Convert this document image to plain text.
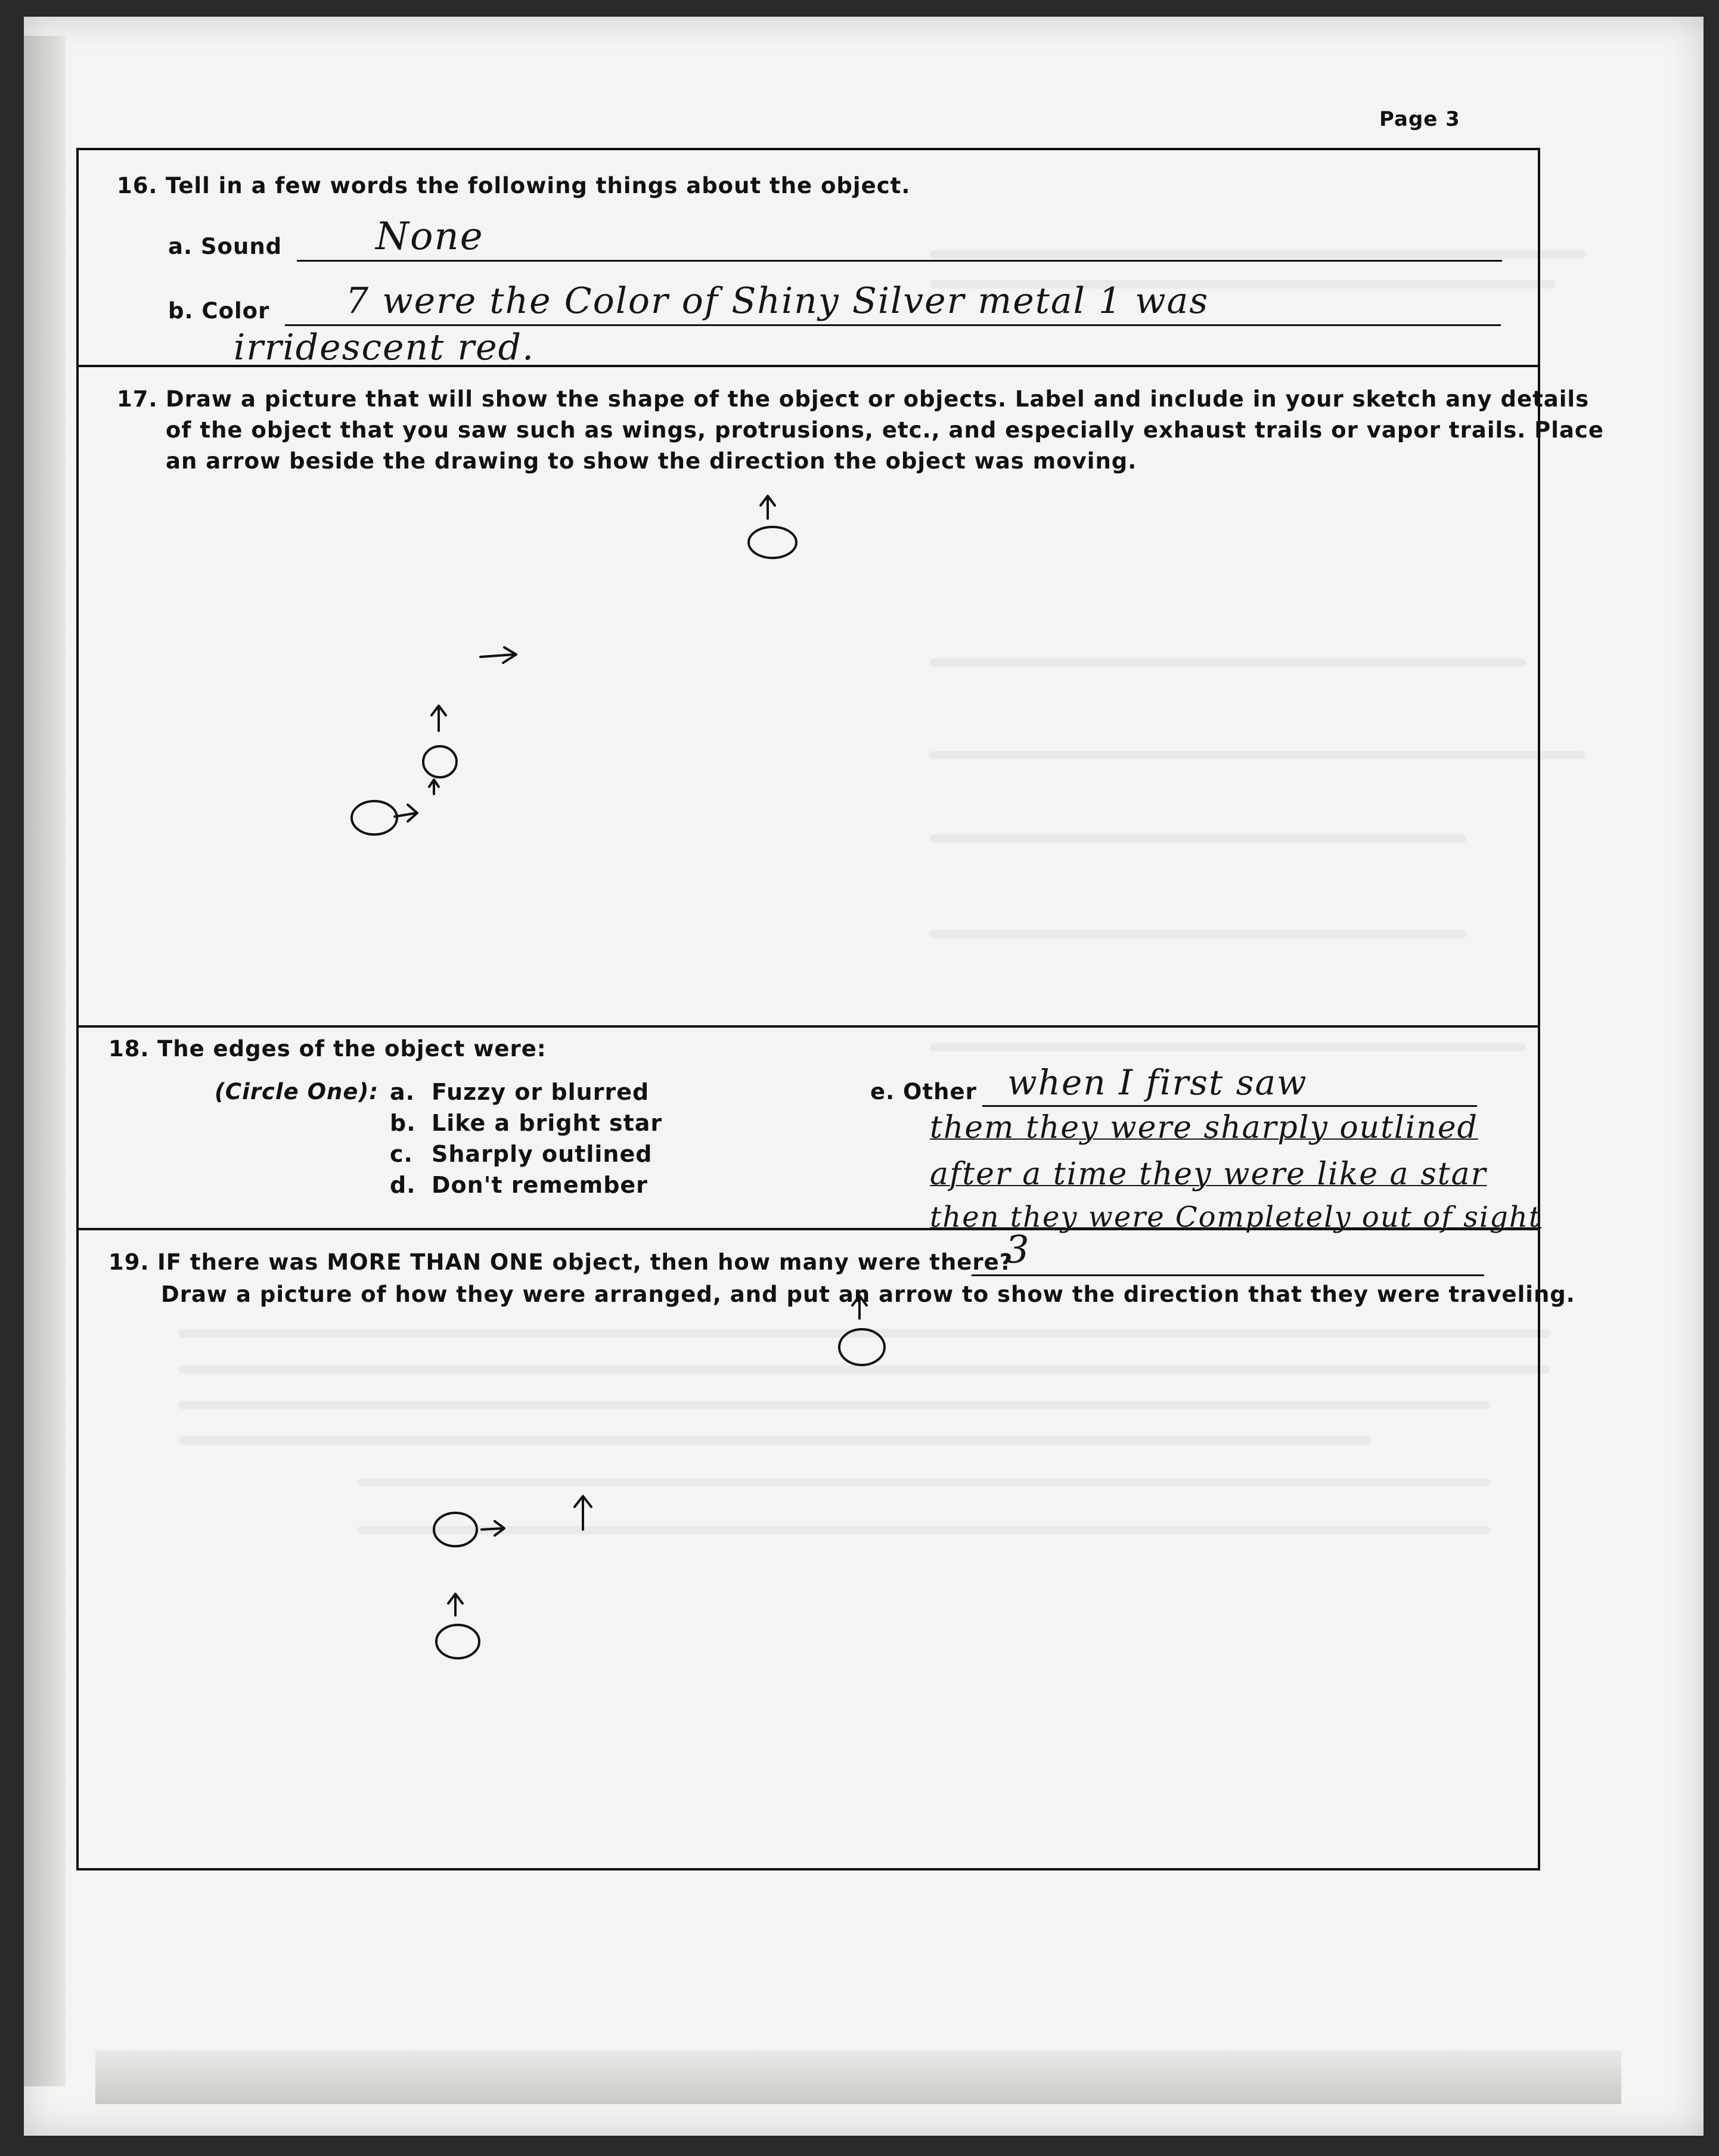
Page 3
16. Tell in a few words the following things about the object.
a. Sound None
b. Color 7 were the Color of Shiny Silver metal 1 was
irridescent red.
17. Draw a picture that will show the shape of the object or objects. Label and include in your sketch any details
of the object that you saw such as wings, protrusions, etc., and especially exhaust trails or vapor trails. Place
an arrow beside the drawing to show the direction the object was moving.
18. The edges of the object were:
(Circle One): a. Fuzzy or blurred
b. Like a bright star
c. Sharply outlined
d. Don't remember
e. Other when I first saw
them they were sharply outlined
after a time they were like a star
then they were Completely out of sight
19. IF there was MORE THAN ONE object, then how many were there?
3
Draw a picture of how they were arranged, and put an arrow to show the direction that they were traveling.
